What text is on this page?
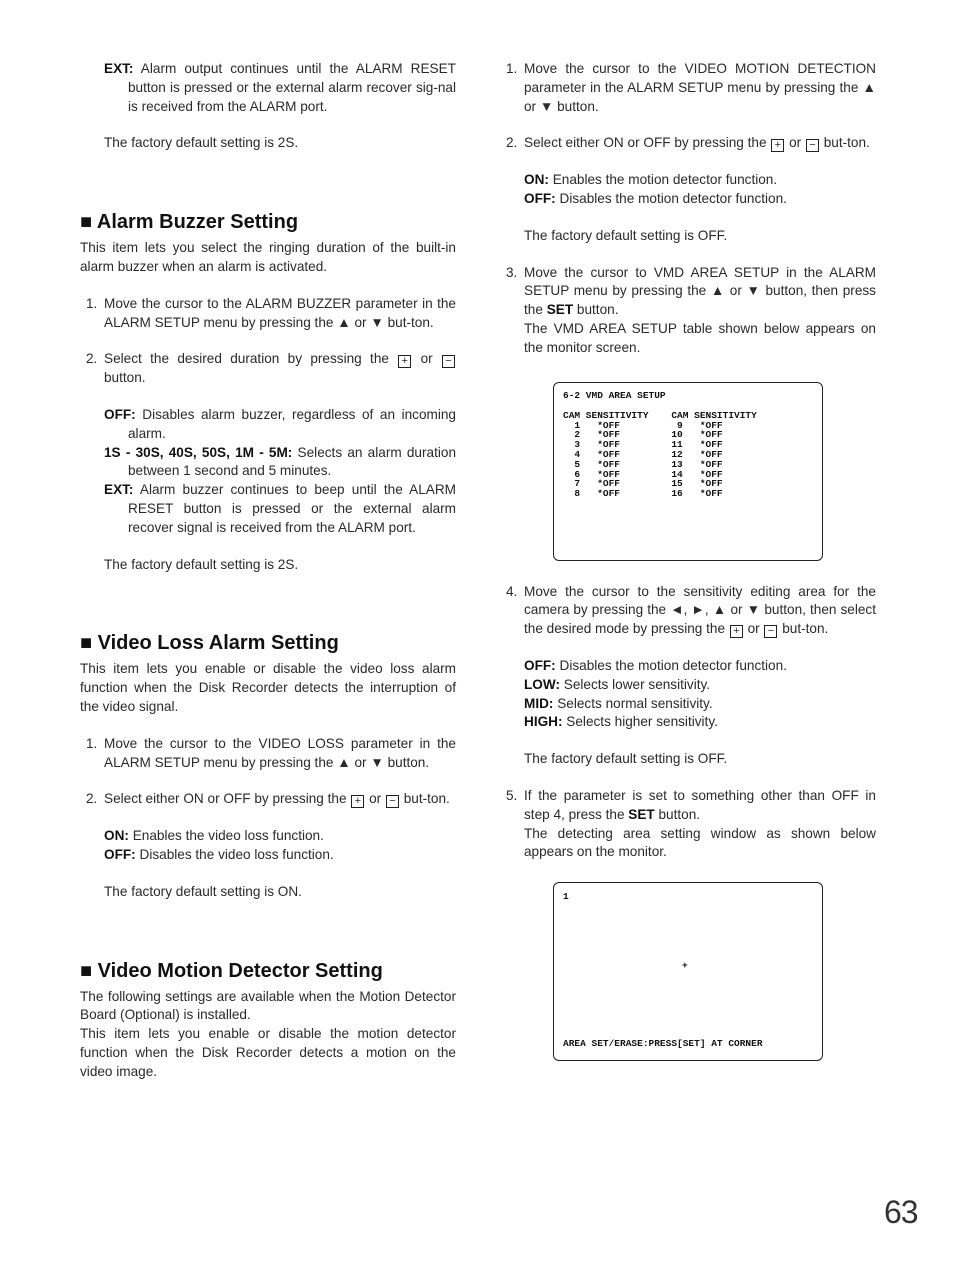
EXT: Alarm output continues until the ALARM RESET button is pressed or the external alarm recover sig-nal is received from the ALARM port.

The factory default setting is 2S.

■ Alarm Buzzer Setting

This item lets you select the ringing duration of the built-in alarm buzzer when an alarm is activated.

1. Move the cursor to the ALARM BUZZER parameter in the ALARM SETUP menu by pressing the ▲ or ▼ but-ton.
2. Select the desired duration by pressing the + or − button.

OFF: Disables alarm buzzer, regardless of an incoming alarm.

1S - 30S, 40S, 50S, 1M - 5M: Selects an alarm duration between 1 second and 5 minutes.

EXT: Alarm buzzer continues to beep until the ALARM RESET button is pressed or the external alarm recover signal is received from the ALARM port.

The factory default setting is 2S.

■ Video Loss Alarm Setting

This item lets you enable or disable the video loss alarm function when the Disk Recorder detects the interruption of the video signal.

1. Move the cursor to the VIDEO LOSS parameter in the ALARM SETUP menu by pressing the ▲ or ▼ button.
2. Select either ON or OFF by pressing the + or − but-ton.

ON: Enables the video loss function.

OFF: Disables the video loss function.

The factory default setting is ON.

■ Video Motion Detector Setting

The following settings are available when the Motion Detector Board (Optional) is installed.

This item lets you enable or disable the motion detector function when the Disk Recorder detects a motion on the video image.

1. Move the cursor to the VIDEO MOTION DETECTION parameter in the ALARM SETUP menu by pressing the ▲ or ▼ button.
2. Select either ON or OFF by pressing the + or − but-ton.

ON: Enables the motion detector function.

OFF: Disables the motion detector function.

The factory default setting is OFF.

3. Move the cursor to VMD AREA SETUP in the ALARM SETUP menu by pressing the ▲ or ▼ button, then press the SET button.
The VMD AREA SETUP table shown below appears on the monitor screen.
6-2 VMD AREA SETUP
CAM SENSITIVITY    CAM SENSITIVITY
1   *OFF          9   *OFF
2   *OFF         10   *OFF
3   *OFF         11   *OFF
4   *OFF         12   *OFF
5   *OFF         13   *OFF
6   *OFF         14   *OFF
7   *OFF         15   *OFF
8   *OFF         16   *OFF
4. Move the cursor to the sensitivity editing area for the camera by pressing the ◄, ►, ▲ or ▼ button, then select the desired mode by pressing the + or − but-ton.

OFF: Disables the motion detector function.

LOW: Selects lower sensitivity.

MID: Selects normal sensitivity.

HIGH: Selects higher sensitivity.

The factory default setting is OFF.

5. If the parameter is set to something other than OFF in step 4, press the SET button.
The detecting area setting window as shown below appears on the monitor.
1
+
AREA SET/ERASE:PRESS[SET] AT CORNER
63
